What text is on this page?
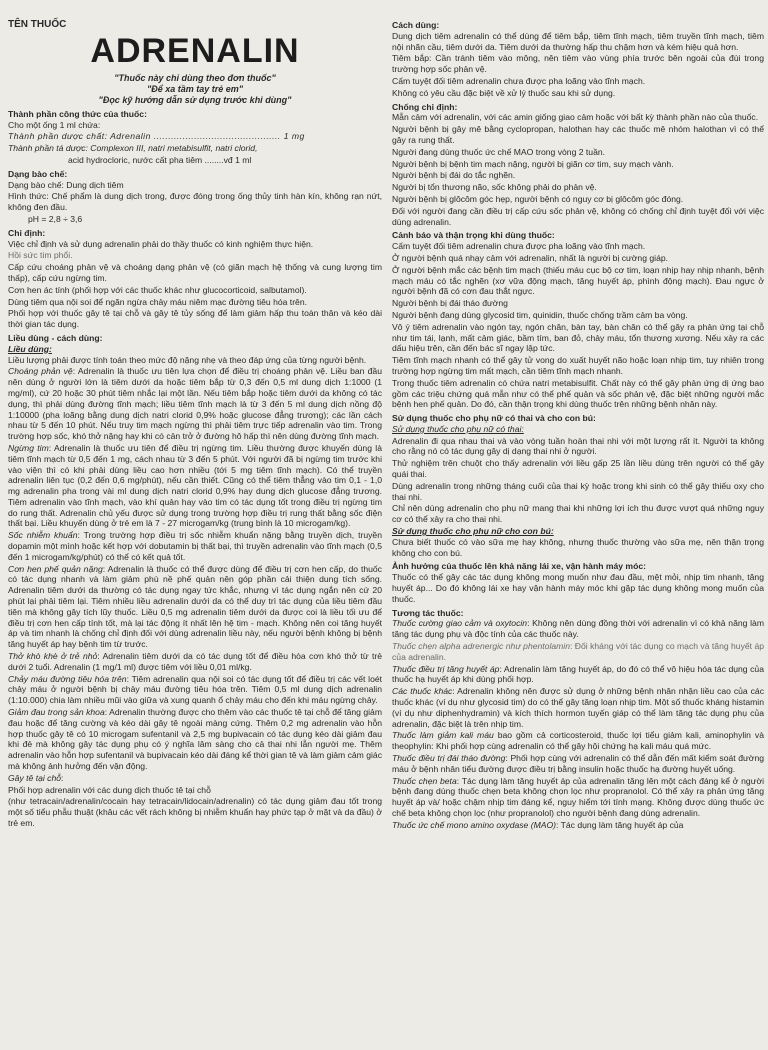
TÊN THUỐC
ADRENALIN
"Thuốc này chỉ dùng theo đơn thuốc"
"Để xa tầm tay trẻ em"
"Đọc kỹ hướng dẫn sử dụng trước khi dùng"
Thành phần công thức của thuốc:
Cho một ống 1 ml chứa:
Thành phần dược chất: Adrenalin ............................................ 1 mg
Thành phần tá dược: Complexon III, natri metabisulfit, natri clorid,
acid hydrocloric, nước cất pha tiêm ........vđ 1 ml
Dạng bào chế:
Dạng bào chế: Dung dịch tiêm
Hình thức: Chế phẩm là dung dịch trong, được đóng trong ống thủy tinh hàn kín, không rạn nứt, không đen đầu.
pH = 2,8 ÷ 3,6
Chỉ định:
Việc chỉ định và sử dụng adrenalin phải do thầy thuốc có kinh nghiệm thực hiện.
Hồi sức tim phổi.
Cấp cứu choáng phản vệ và choáng dạng phản vệ (có giãn mạch hệ thống và cung lượng tim thấp), cấp cứu ngừng tim.
Cơn hen ác tính (phối hợp với các thuốc khác như glucocorticoid, salbutamol).
Dùng tiêm qua nội soi để ngăn ngừa chảy máu niêm mạc đường tiêu hóa trên.
Phối hợp với thuốc gây tê tại chỗ và gây tê tủy sống để làm giảm hấp thu toàn thân và kéo dài thời gian tác dụng.
Liều dùng - cách dùng:
Liều dùng:
Liều lượng phải được tính toán theo mức độ nặng nhẹ và theo đáp ứng của từng người bệnh.
Choáng phản vệ: Adrenalin là thuốc ưu tiên lựa chọn để điều trị choáng phản vệ. Liều ban đầu nên dùng ở người lớn là tiêm dưới da hoặc tiêm bắp từ 0,3 đến 0,5 ml dung dịch 1:1000 (1 mg/ml), cứ 20 hoặc 30 phút tiêm nhắc lại một lần. Nếu tiêm bắp hoặc tiêm dưới da không có tác dụng, thì phải dùng đường tĩnh mạch; liều tiêm tĩnh mạch là từ 3 đến 5 ml dung dịch nồng độ 1:10000 (pha loãng bằng dung dịch natri clorid 0,9% hoặc glucose đẳng trương); các lần cách nhau từ 5 đến 10 phút. Nếu truy tim mạch ngừng thì phải tiêm trực tiếp adrenalin vào tim. Trong trường hợp sốc, khó thở nặng hay khi có cản trở ở đường hô hấp thì nên dùng đường tĩnh mạch.
Ngừng tim: Adrenalin là thuốc ưu tiên để điều trị ngừng tim. Liều thường được khuyến dùng là tiêm tĩnh mạch từ 0,5 đến 1 mg, cách nhau từ 3 đến 5 phút. Với người đã bị ngừng tim trước khi vào viện thì có khi phải dùng liều cao hơn nhiều (tới 5 mg tiêm tĩnh mạch). Có thể truyền adrenalin liên tục (0,2 đến 0,6 mg/phút), nếu cần thiết. Cũng có thể tiêm thẳng vào tim 0,1 - 1,0 mg adrenalin pha trong vài ml dung dịch natri clorid 0,9% hay dung dịch glucose đẳng trương. Tiêm adrenalin vào tĩnh mạch, vào khí quản hay vào tim có tác dụng tốt trong điều trị ngừng tim do rung thất. Adrenalin chủ yếu được sử dụng trong trường hợp điều trị rung thất bằng sốc điện thất bại. Liều khuyến dùng ở trẻ em là 7 - 27 microgam/kg (trung bình là 10 microgam/kg).
Sốc nhiễm khuẩn: Trong trường hợp điều trị sốc nhiễm khuẩn nặng bằng truyền dịch, truyền dopamin một mình hoặc kết hợp với dobutamin bị thất bại, thì truyền adrenalin vào tĩnh mạch (0,5 đến 1 microgam/kg/phút) có thể có kết quả tốt.
Cơn hen phế quản nặng: Adrenalin là thuốc có thể được dùng để điều trị cơn hen cấp, do thuốc có tác dụng nhanh và làm giảm phù nề phế quản nên góp phần cải thiện dung tích sống. Adrenalin tiêm dưới da thường có tác dụng ngay tức khắc, nhưng vì tác dụng ngắn nên cứ 20 phút lại phải tiêm lại. Tiêm nhiều liều adrenalin dưới da có thể duy trì tác dụng của liều tiêm đầu tiên mà không gây tích lũy thuốc. Liều 0,5 mg adrenalin tiêm dưới da được coi là liều tối ưu để điều trị cơn hen cấp tính tốt, mà lại tác động ít nhất lên hệ tim - mạch. Không nên coi tăng huyết áp và tim nhanh là chống chỉ định đối với dùng adrenalin liều này, nếu người bệnh không bị bệnh tăng huyết áp hay bệnh tim từ trước.
Thở khò khè ở trẻ nhỏ: Adrenalin tiêm dưới da có tác dụng tốt để điều hòa cơn khó thở từ trẻ dưới 2 tuổi. Adrenalin (1 mg/1 ml) được tiêm với liều 0,01 ml/kg.
Chảy máu đường tiêu hóa trên: Tiêm adrenalin qua nội soi có tác dụng tốt để điều trị các vết loét chảy máu ở người bệnh bị chảy máu đường tiêu hóa trên. Tiêm 0,5 ml dung dịch adrenalin (1:10.000) chia làm nhiều mũi vào giữa và xung quanh ổ chảy máu cho đến khi máu ngừng chảy.
Giảm đau trong sản khoa: Adrenalin thường được cho thêm vào các thuốc tê tại chỗ để tăng giảm đau hoặc để tăng cường và kéo dài gây tê ngoài màng cứng. Thêm 0,2 mg adrenalin vào hỗn hợp thuốc gây tê có 10 microgam sufentanil và 2,5 mg bupivacain có tác dụng kéo dài giảm đau khi đẻ mà không gây tác dụng phụ có ý nghĩa lâm sàng cho cả thai nhi lẫn người mẹ. Thêm adrenalin vào hỗn hợp sufentanil và bupivacain kéo dài đáng kể thời gian tê và làm giảm cảm giác mà không ảnh hưởng đến vận động.
Gây tê tại chỗ:
Phối hợp adrenalin với các dung dịch thuốc tê tại chỗ
(như tetracain/adrenalin/cocain hay tetracain/lidocain/adrenalin) có tác dụng giảm đau tốt trong một số tiểu phẫu thuật (khâu các vết rách không bị nhiễm khuẩn hay phức tạp ở mặt và da đầu) ở trẻ em.
Cách dùng:
Dung dịch tiêm adrenalin có thể dùng để tiêm bắp, tiêm tĩnh mạch, tiêm truyền tĩnh mạch, tiêm nội nhãn cầu, tiêm dưới da. Tiêm dưới da thường hấp thu chậm hơn và kém hiệu quả hơn.
Tiêm bắp: Cần tránh tiêm vào mông, nên tiêm vào vùng phía trước bên ngoài của đùi trong trường hợp sốc phản vệ.
Cấm tuyệt đối tiêm adrenalin chưa được pha loãng vào tĩnh mạch.
Không có yêu cầu đặc biệt về xử lý thuốc sau khi sử dụng.
Chống chỉ định:
Mẫn cảm với adrenalin, với các amin giống giao cảm hoặc với bất kỳ thành phần nào của thuốc.
Người bệnh bị gây mê bằng cyclopropan, halothan hay các thuốc mê nhóm halothan vì có thể gây ra rung thất.
Người đang dùng thuốc ức chế MAO trong vòng 2 tuần.
Người bệnh bị bệnh tim mạch nặng, người bị giãn cơ tim, suy mạch vành.
Người bệnh bị đái do tắc nghẽn.
Người bị tổn thương não, sốc không phải do phản vệ.
Người bệnh bị glôcôm góc hẹp, người bệnh có nguy cơ bị glôcôm góc đóng.
Đối với người đang cần điều trị cấp cứu sốc phản vệ, không có chống chỉ định tuyệt đối với việc dùng adrenalin.
Cảnh báo và thận trọng khi dùng thuốc:
Cấm tuyệt đối tiêm adrenalin chưa được pha loãng vào tĩnh mạch.
Ở người bệnh quá nhạy cảm với adrenalin, nhất là người bị cường giáp.
Ở người bệnh mắc các bệnh tim mạch (thiếu máu cục bộ cơ tim, loạn nhịp hay nhịp nhanh, bệnh mạch máu có tắc nghẽn (xơ vữa động mạch, tăng huyết áp, phình động mạch). Đau ngực ở người bệnh đã có cơn đau thắt ngực.
Người bệnh bị đái tháo đường
Người bệnh đang dùng glycosid tim, quinidin, thuốc chống trầm cảm ba vòng.
Vô ý tiêm adrenalin vào ngón tay, ngón chân, bàn tay, bàn chân có thể gây ra phản ứng tại chỗ như tim tái, lạnh, mất cảm giác, bầm tím, ban đỏ, chảy máu, tổn thương xương. Nếu xảy ra các dấu hiệu trên, cần đến bác sĩ ngay lập tức.
Tiêm tĩnh mạch nhanh có thể gây tử vong do xuất huyết não hoặc loạn nhịp tim, tuy nhiên trong trường hợp ngừng tim mất mạch, cần tiêm tĩnh mạch nhanh.
Trong thuốc tiêm adrenalin có chứa natri metabisulfit. Chất này có thể gây phản ứng dị ứng bao gồm các triệu chứng quá mẫn như có thể phế quản và sốc phản vệ, đặc biệt những người mắc bệnh hen phế quản. Do đó, cần thận trọng khi dùng thuốc trên những bệnh nhân này.
Sử dụng thuốc cho phụ nữ có thai và cho con bú:
Sử dụng thuốc cho phụ nữ có thai:
Adrenalin đi qua nhau thai và vào vòng tuần hoàn thai nhi với một lượng rất ít. Người ta không cho rằng nó có tác dụng gây dị dạng thai nhi ở người.
Thử nghiệm trên chuột cho thấy adrenalin với liều gấp 25 lần liều dùng trên người có thể gây quái thai.
Dùng adrenalin trong những tháng cuối của thai kỳ hoặc trong khi sinh có thể gây thiếu oxy cho thai nhi.
Chỉ nên dùng adrenalin cho phụ nữ mang thai khi những lợi ích thu được vượt quá những nguy cơ có thể xảy ra cho thai nhi.
Sử dụng thuốc cho phụ nữ cho con bú:
Chưa biết thuốc có vào sữa mẹ hay không, nhưng thuốc thường vào sữa mẹ, nên thận trọng không cho con bú.
Ảnh hưởng của thuốc lên khả năng lái xe, vận hành máy móc:
Thuốc có thể gây các tác dụng không mong muốn như đau đầu, mệt mỏi, nhịp tim nhanh, tăng huyết áp... Do đó không lái xe hay vận hành máy móc khi gặp tác dụng không mong muốn của thuốc.
Tương tác thuốc:
Thuốc cường giao cảm và oxytocin: Không nên dùng đồng thời với adrenalin vì có khả năng làm tăng tác dụng phụ và độc tính của các thuốc này.
Thuốc chẹn alpha adrenergic như phentolamin: Đối kháng với tác dụng co mạch và tăng huyết áp của adrenalin.
Thuốc điều trị tăng huyết áp: Adrenalin làm tăng huyết áp, do đó có thể vô hiệu hóa tác dụng của thuốc hạ huyết áp khi dùng phối hợp.
Các thuốc khác: Adrenalin không nên được sử dụng ở những bệnh nhân nhận liều cao của các thuốc khác (ví dụ như glycosid tim) do có thể gây tăng loạn nhịp tim. Một số thuốc kháng histamin (ví dụ như diphenhydramin) và kích thích hormon tuyến giáp có thể làm tăng tác dụng phụ của adrenalin, đặc biệt là trên nhịp tim.
Thuốc làm giảm kali máu bao gồm cả corticosteroid, thuốc lợi tiểu giảm kali, aminophylin và theophylin: Khi phối hợp cùng adrenalin có thể gây hội chứng hạ kali máu quá mức.
Thuốc điều trị đái tháo đường: Phối hợp cùng với adrenalin có thể dẫn đến mất kiểm soát đường máu ở bệnh nhân tiểu đường được điều trị bằng insulin hoặc thuốc hạ đường huyết uống.
Thuốc chẹn beta: Tác dụng làm tăng huyết áp của adrenalin tăng lên một cách đáng kể ở người bệnh đang dùng thuốc chẹn beta không chọn lọc như propranolol. Có thể xảy ra phản ứng tăng huyết áp và/ hoặc chậm nhịp tim đáng kể, nguy hiểm tới tính mạng. Không được dùng thuốc ức chế beta không chọn lọc (như propranolol) cho người bệnh đang dùng adrenalin.
Thuốc ức chế mono amino oxydase (MAO): Tác dụng làm tăng huyết áp của
